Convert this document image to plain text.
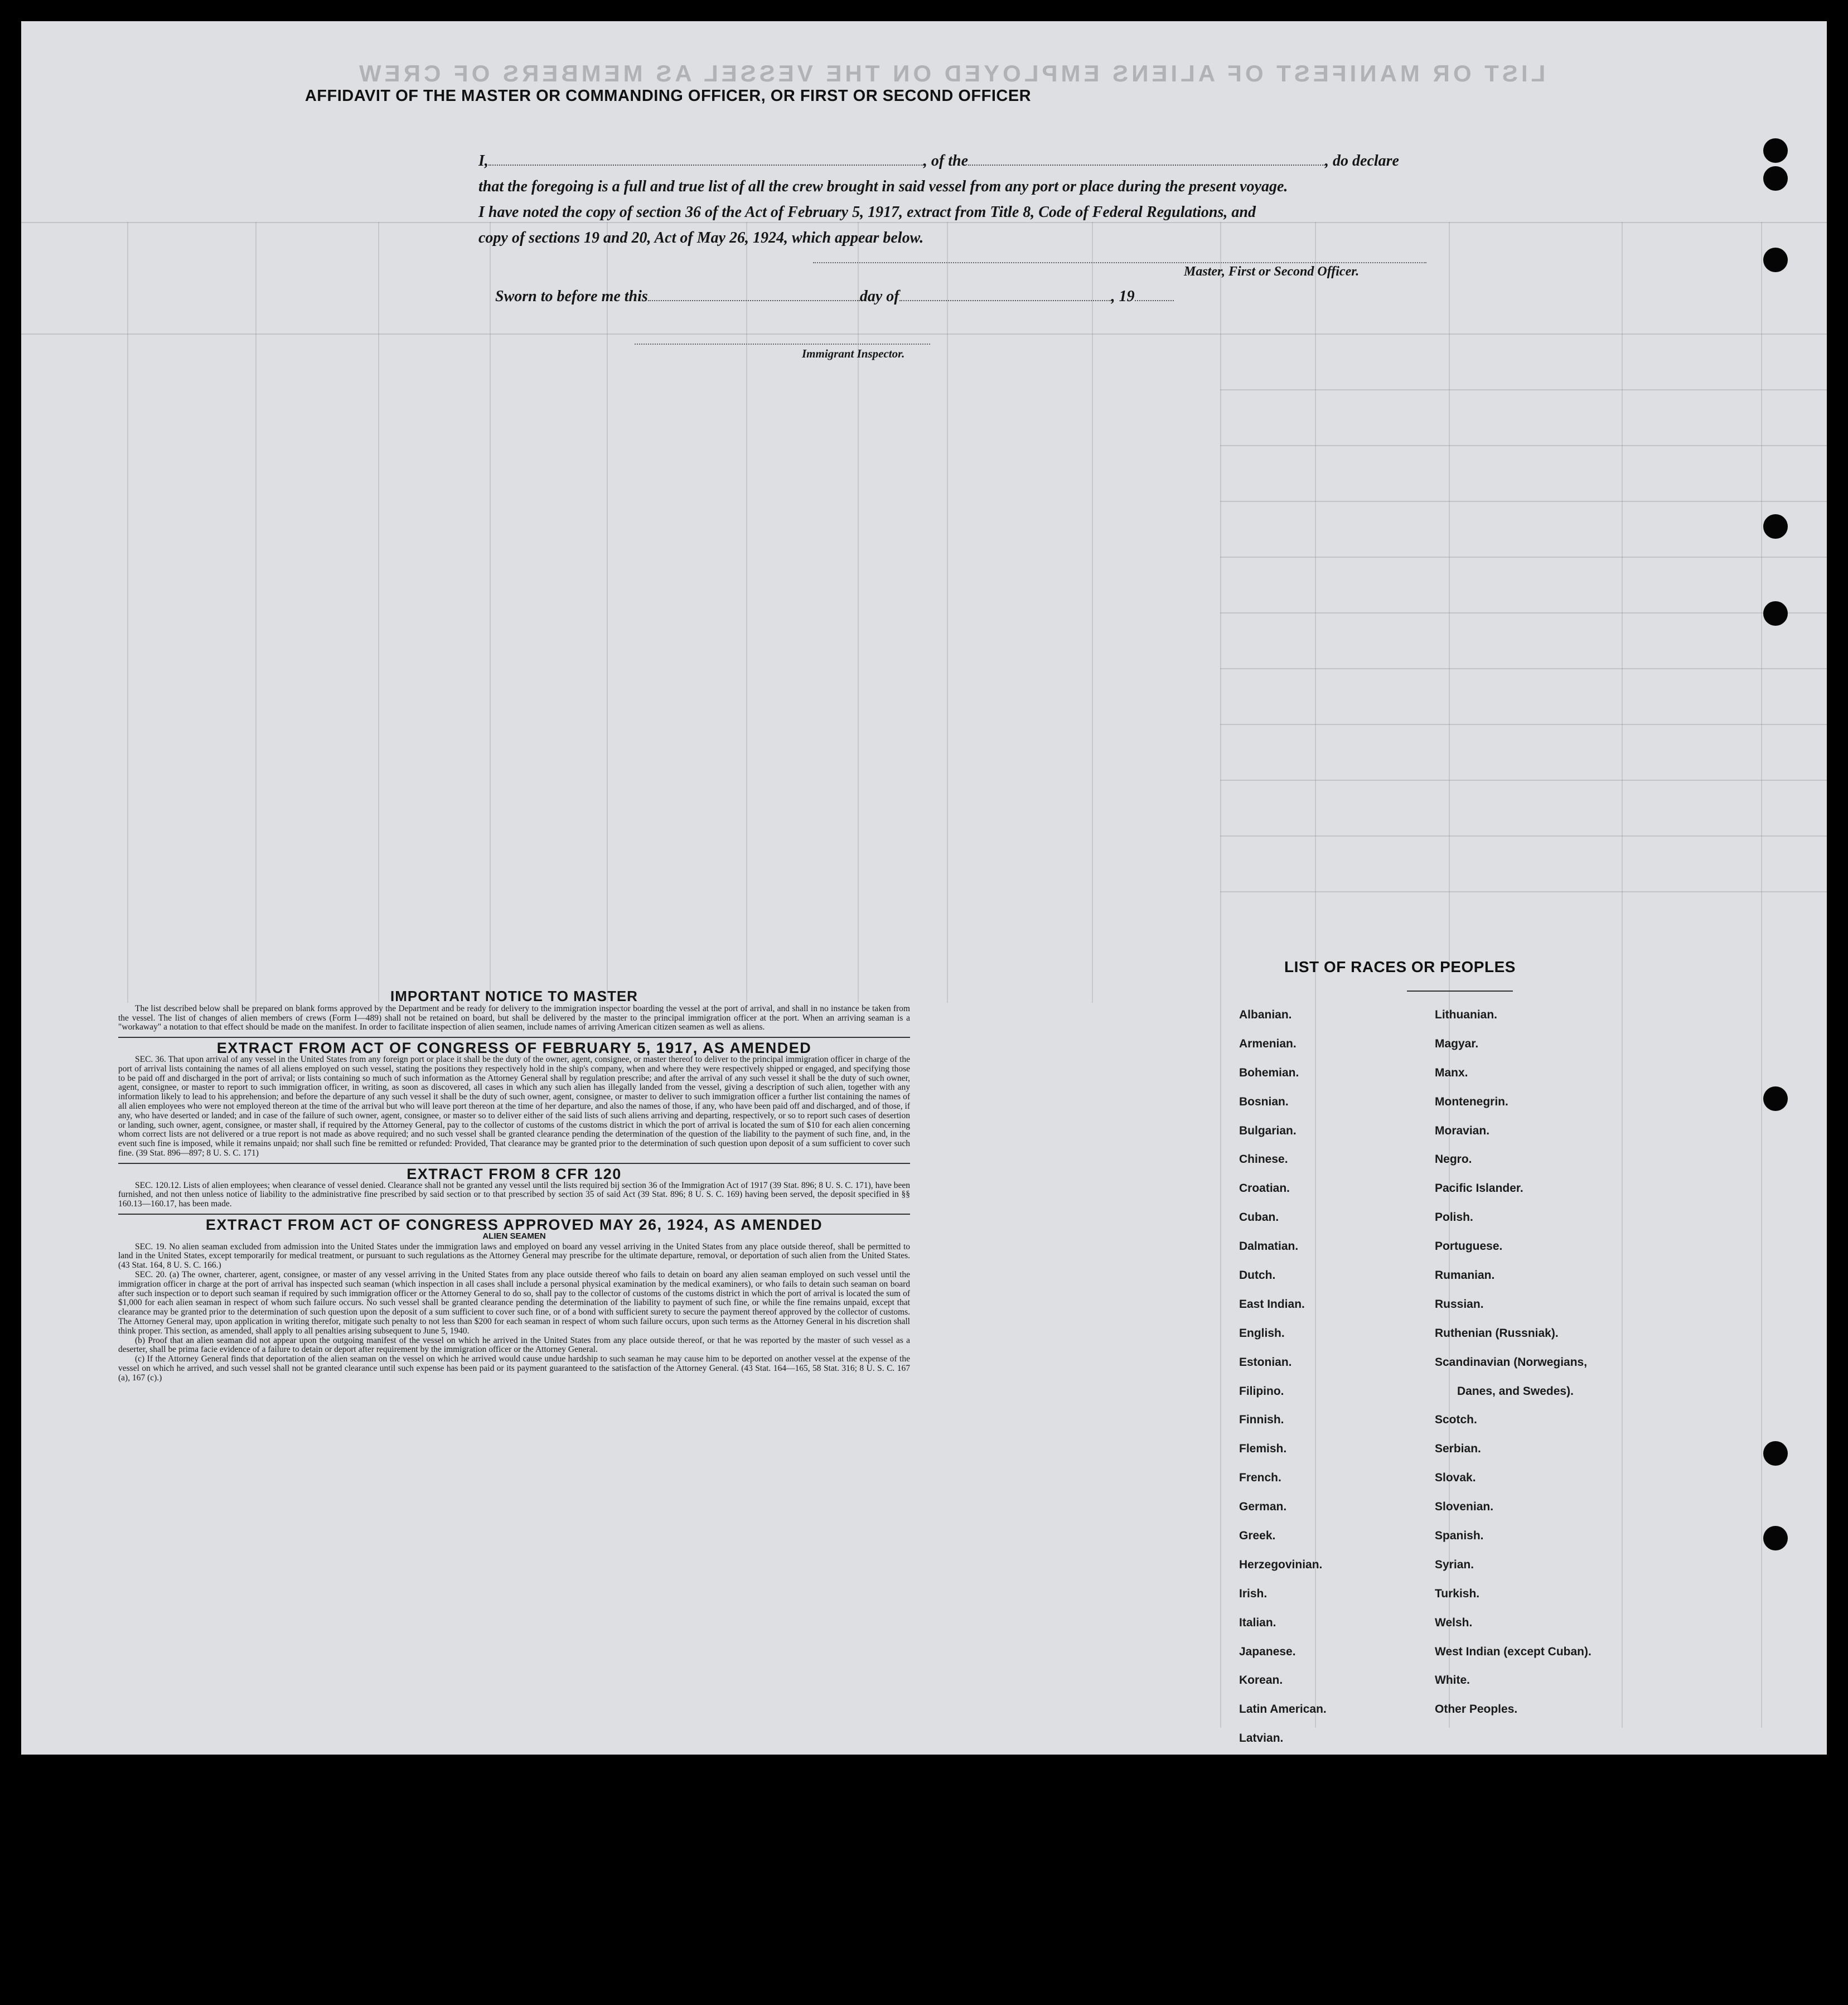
LIST OR MANIFEST OF ALIENS EMPLOYED ON THE VESSEL AS MEMBERS OF CREW
AFFIDAVIT OF THE MASTER OR COMMANDING OFFICER, OR FIRST OR SECOND OFFICER
I,	, of the	, do declare
that the foregoing is a full and true list of all the crew brought in said vessel from any port or place during the present voyage.
I have noted the copy of section 36 of the Act of February 5, 1917, extract from Title 8, Code of Federal Regulations, and
copy of sections 19 and 20, Act of May 26, 1924, which appear below.
Master, First or Second Officer.
Sworn to before me this	day of	, 19
Immigrant Inspector.
IMPORTANT NOTICE TO MASTER

The list described below shall be prepared on blank forms approved by the Department and be ready for delivery to the immigration inspector boarding the vessel at the port of arrival, and shall in no instance be taken from the vessel. The list of changes of alien members of crews (Form I—489) shall not be retained on board, but shall be delivered by the master to the principal immigration officer at the port. When an arriving seaman is a "workaway" a notation to that effect should be made on the manifest. In order to facilitate inspection of alien seamen, include names of arriving American citizen seamen as well as aliens.

EXTRACT FROM ACT OF CONGRESS OF FEBRUARY 5, 1917, AS AMENDED

SEC. 36. That upon arrival of any vessel in the United States from any foreign port or place it shall be the duty of the owner, agent, consignee, or master thereof to deliver to the principal immigration officer in charge of the port of arrival lists containing the names of all aliens employed on such vessel, stating the positions they respectively hold in the ship's company, when and where they were respectively shipped or engaged, and specifying those to be paid off and discharged in the port of arrival; or lists containing so much of such information as the Attorney General shall by regulation prescribe; and after the arrival of any such vessel it shall be the duty of such owner, agent, consignee, or master to report to such immigration officer, in writing, as soon as discovered, all cases in which any such alien has illegally landed from the vessel, giving a description of such alien, together with any information likely to lead to his apprehension; and before the departure of any such vessel it shall be the duty of such owner, agent, consignee, or master to deliver to such immigration officer a further list containing the names of all alien employees who were not employed thereon at the time of the arrival but who will leave port thereon at the time of her departure, and also the names of those, if any, who have been paid off and discharged, and of those, if any, who have deserted or landed; and in case of the failure of such owner, agent, consignee, or master so to deliver either of the said lists of such aliens arriving and departing, respectively, or so to report such cases of desertion or landing, such owner, agent, consignee, or master shall, if required by the Attorney General, pay to the collector of customs of the customs district in which the port of arrival is located the sum of $10 for each alien concerning whom correct lists are not delivered or a true report is not made as above required; and no such vessel shall be granted clearance pending the determination of the question of the liability to the payment of such fine, and, in the event such fine is imposed, while it remains unpaid; nor shall such fine be remitted or refunded: Provided, That clearance may be granted prior to the determination of such question upon deposit of a sum sufficient to cover such fine. (39 Stat. 896—897; 8 U. S. C. 171)

EXTRACT FROM 8 CFR 120

SEC. 120.12. Lists of alien employees; when clearance of vessel denied. Clearance shall not be granted any vessel until the lists required bij section 36 of the Immigration Act of 1917 (39 Stat. 896; 8 U. S. C. 171), have been furnished, and not then unless notice of liability to the administrative fine prescribed by said section or to that prescribed by section 35 of said Act (39 Stat. 896; 8 U. S. C. 169) having been served, the deposit specified in §§ 160.13—160.17, has been made.

EXTRACT FROM ACT OF CONGRESS APPROVED MAY 26, 1924, AS AMENDED
ALIEN SEAMEN

SEC. 19. No alien seaman excluded from admission into the United States under the immigration laws and employed on board any vessel arriving in the United States from any place outside thereof, shall be permitted to land in the United States, except temporarily for medical treatment, or pursuant to such regulations as the Attorney General may prescribe for the ultimate departure, removal, or deportation of such alien from the United States. (43 Stat. 164, 8 U. S. C. 166.)

SEC. 20. (a) The owner, charterer, agent, consignee, or master of any vessel arriving in the United States from any place outside thereof who fails to detain on board any alien seaman employed on such vessel until the immigration officer in charge at the port of arrival has inspected such seaman (which inspection in all cases shall include a personal physical examination by the medical examiners), or who fails to detain such seaman on board after such inspection or to deport such seaman if required by such immigration officer or the Attorney General to do so, shall pay to the collector of customs of the customs district in which the port of arrival is located the sum of $1,000 for each alien seaman in respect of whom such failure occurs. No such vessel shall be granted clearance pending the determination of the liability to payment of such fine, or while the fine remains unpaid, except that clearance may be granted prior to the determination of such question upon the deposit of a sum sufficient to cover such fine, or of a bond with sufficient surety to secure the payment thereof approved by the collector of customs. The Attorney General may, upon application in writing therefor, mitigate such penalty to not less than $200 for each seaman in respect of whom such failure occurs, upon such terms as the Attorney General in his discretion shall think proper. This section, as amended, shall apply to all penalties arising subsequent to June 5, 1940.

(b) Proof that an alien seaman did not appear upon the outgoing manifest of the vessel on which he arrived in the United States from any place outside thereof, or that he was reported by the master of such vessel as a deserter, shall be prima facie evidence of a failure to detain or deport after requirement by the immigration officer or the Attorney General.

(c) If the Attorney General finds that deportation of the alien seaman on the vessel on which he arrived would cause undue hardship to such seaman he may cause him to be deported on another vessel at the expense of the vessel on which he arrived, and such vessel shall not be granted clearance until such expense has been paid or its payment guaranteed to the satisfaction of the Attorney General. (43 Stat. 164—165, 58 Stat. 316; 8 U. S. C. 167 (a), 167 (c).)

LIST OF RACES OR PEOPLES
Albanian.
Armenian.
Bohemian.
Bosnian.
Bulgarian.
Chinese.
Croatian.
Cuban.
Dalmatian.
Dutch.
East Indian.
English.
Estonian.
Filipino.
Finnish.
Flemish.
French.
German.
Greek.
Herzegovinian.
Irish.
Italian.
Japanese.
Korean.
Latin American.
Latvian.
Lithuanian.
Magyar.
Manx.
Montenegrin.
Moravian.
Negro.
Pacific Islander.
Polish.
Portuguese.
Rumanian.
Russian.
Ruthenian (Russniak).
Scandinavian (Norwegians,
Danes, and Swedes).
Scotch.
Serbian.
Slovak.
Slovenian.
Spanish.
Syrian.
Turkish.
Welsh.
West Indian (except Cuban).
White.
Other Peoples.
